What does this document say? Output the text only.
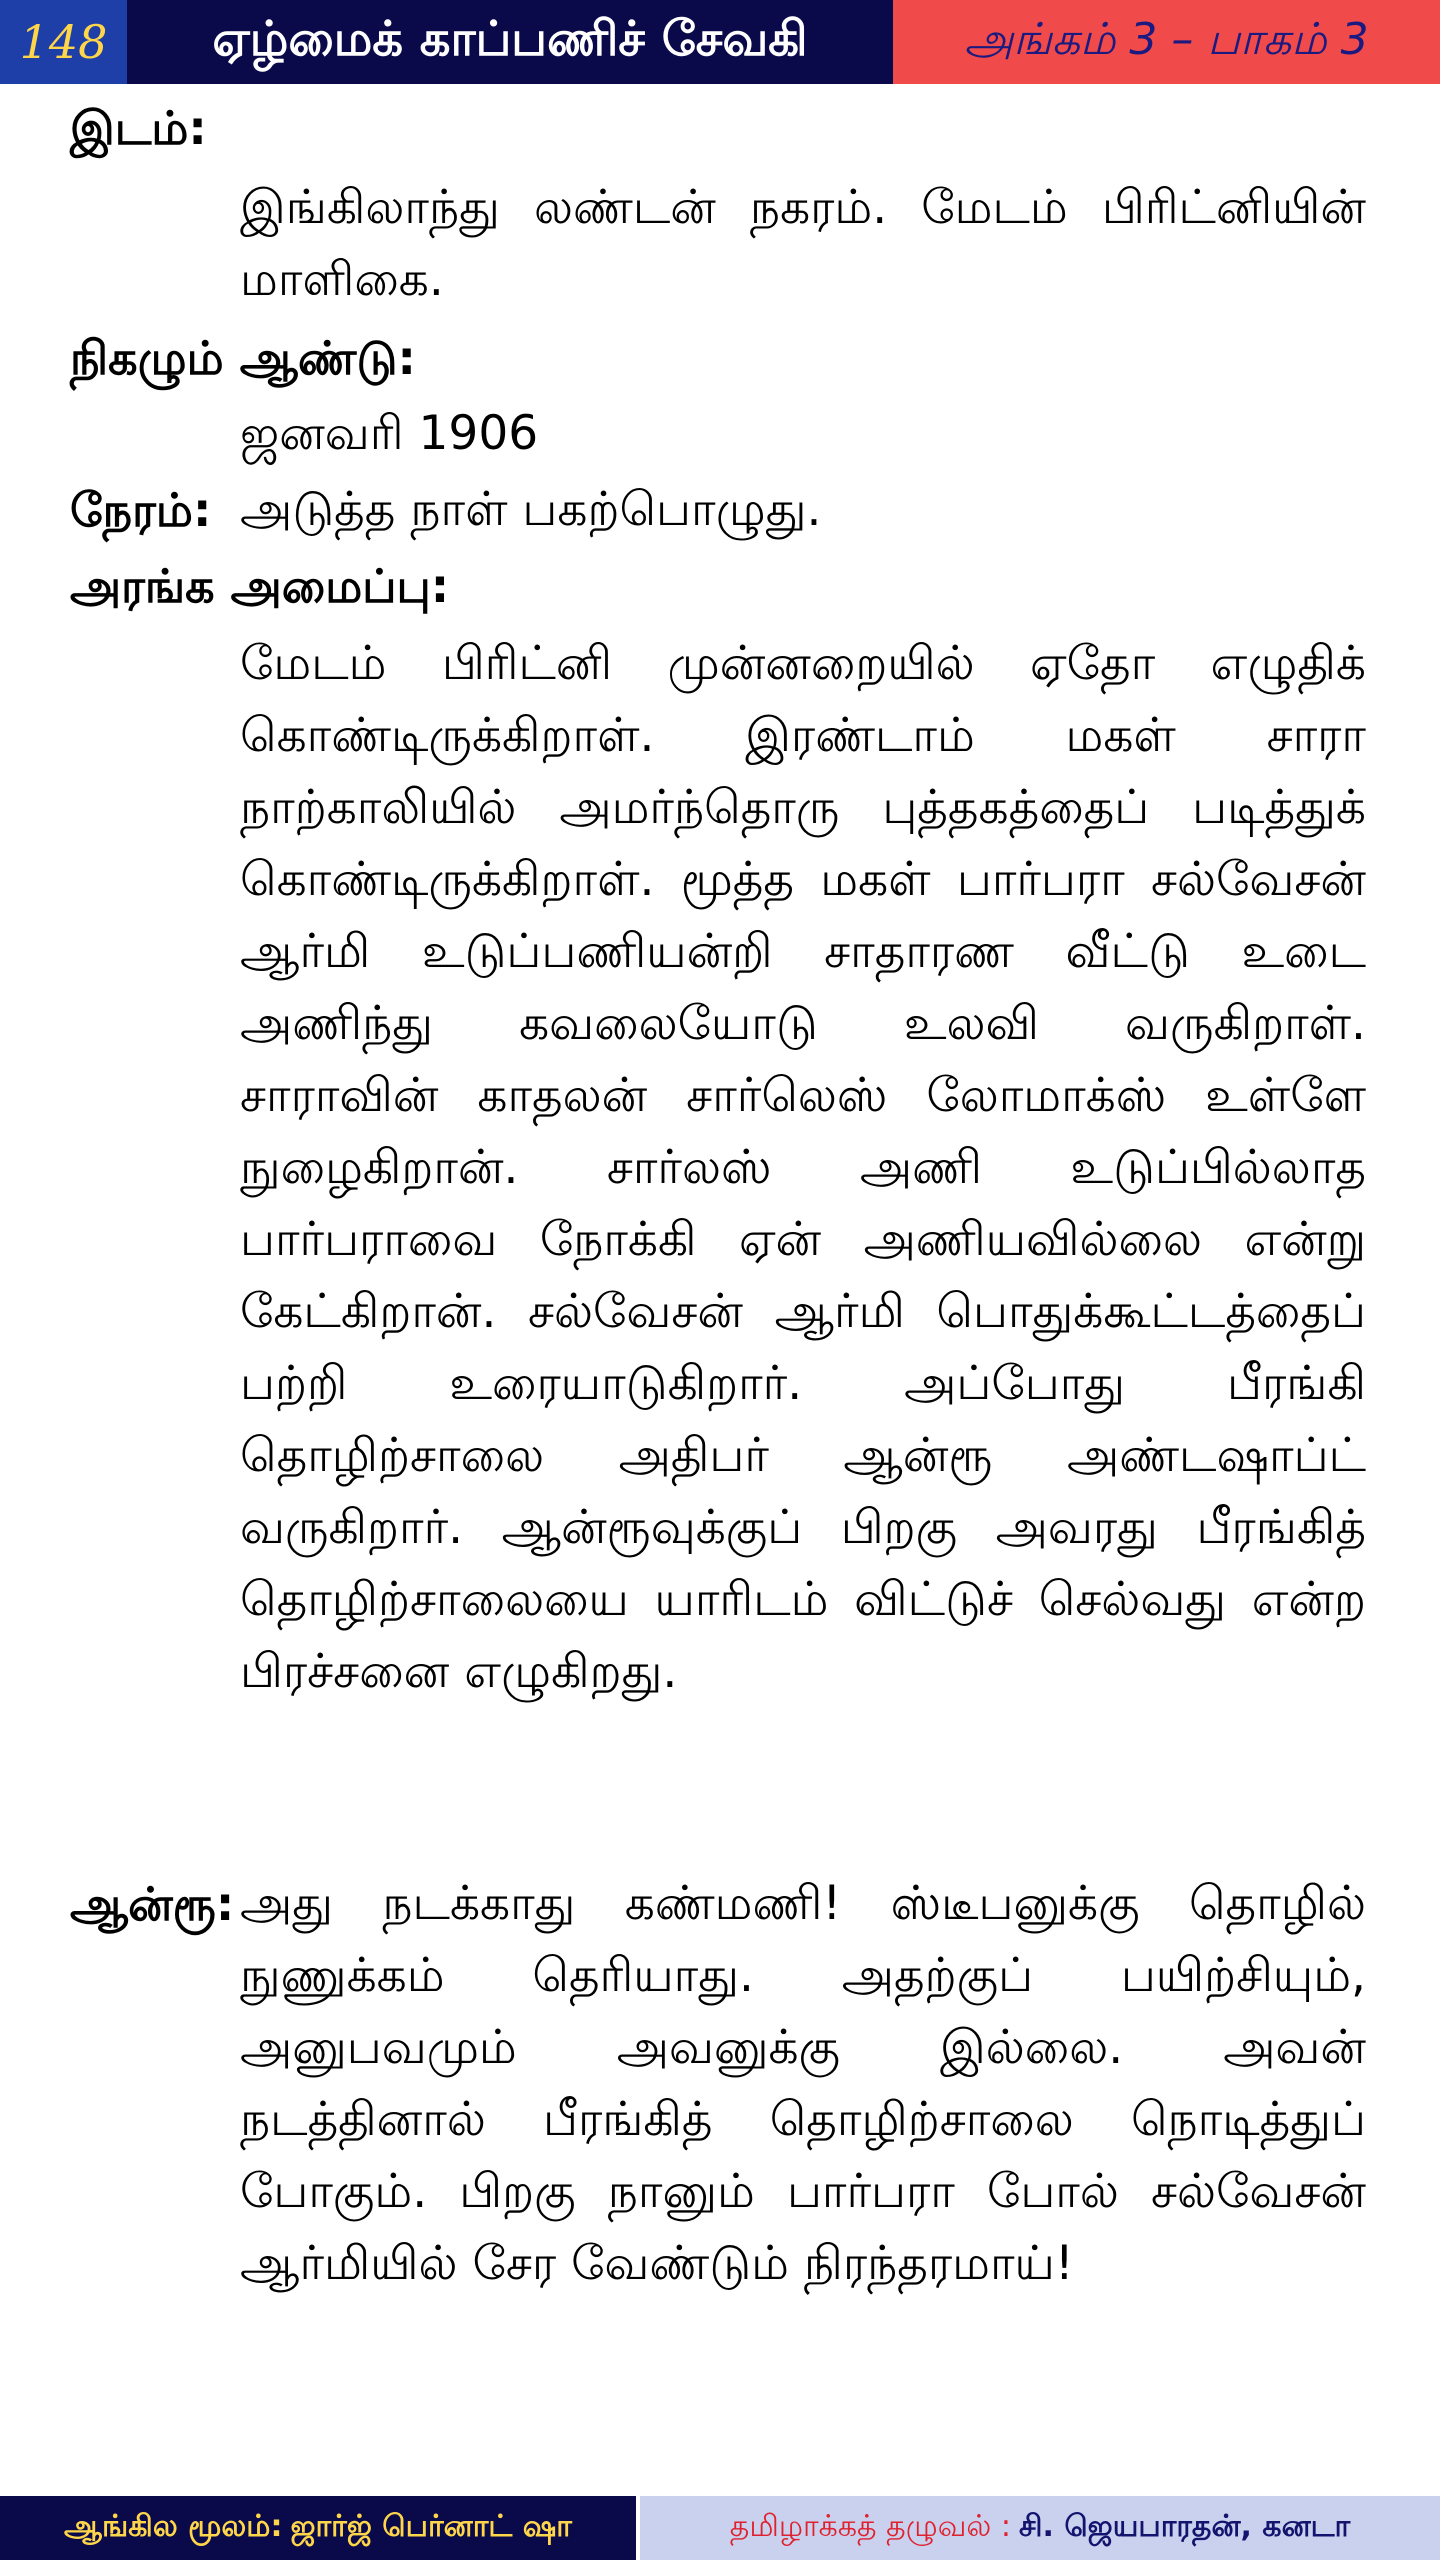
148	ஏழ்மைக் காப்பணிச் சேவகி	அங்கம் 3 – பாகம் 3
இடம்:
இங்கிலாந்து லண்டன் நகரம். மேடம் பிரிட்னியின் மாளிகை.
நிகழும் ஆண்டு:
ஜனவரி 1906
நேரம்: அடுத்த நாள் பகற்பொழுது.
அரங்க அமைப்பு:
மேடம் பிரிட்னி முன்னறையில் ஏதோ எழுதிக் கொண்டிருக்கிறாள். இரண்டாம் மகள் சாரா நாற்காலியில் அமர்ந்தொரு புத்தகத்தைப் படித்துக் கொண்டிருக்கிறாள். மூத்த மகள் பார்பரா சல்வேசன் ஆர்மி உடுப்பணியன்றி சாதாரண வீட்டு உடை அணிந்து கவலையோடு உலவி வருகிறாள். சாராவின் காதலன் சார்லெஸ் லோமாக்ஸ் உள்ளே நுழைகிறான். சார்லஸ் அணி உடுப்பில்லாத பார்பராவை நோக்கி ஏன் அணியவில்லை என்று கேட்கிறான். சல்வேசன் ஆர்மி பொதுக்கூட்டத்தைப் பற்றி உரையாடுகிறார். அப்போது பீரங்கி தொழிற்சாலை அதிபர் ஆன்ரூ அண்டஷாப்ட் வருகிறார். ஆன்ரூவுக்குப் பிறகு அவரது பீரங்கித் தொழிற்சாலையை யாரிடம் விட்டுச் செல்வது என்ற பிரச்சனை எழுகிறது.
ஆன்ரூ: அது நடக்காது கண்மணி! ஸ்டீபனுக்கு தொழில் நுணுக்கம் தெரியாது. அதற்குப் பயிற்சியும், அனுபவமும் அவனுக்கு இல்லை. அவன் நடத்தினால் பீரங்கித் தொழிற்சாலை நொடித்துப் போகும். பிறகு நானும் பார்பரா போல் சல்வேசன் ஆர்மியில் சேர வேண்டும் நிரந்தரமாய்!
ஆங்கில மூலம்: ஜார்ஜ் பெர்னாட் ஷா	தமிழாக்கத் தழுவல் : சி. ஜெயபாரதன், கனடா
